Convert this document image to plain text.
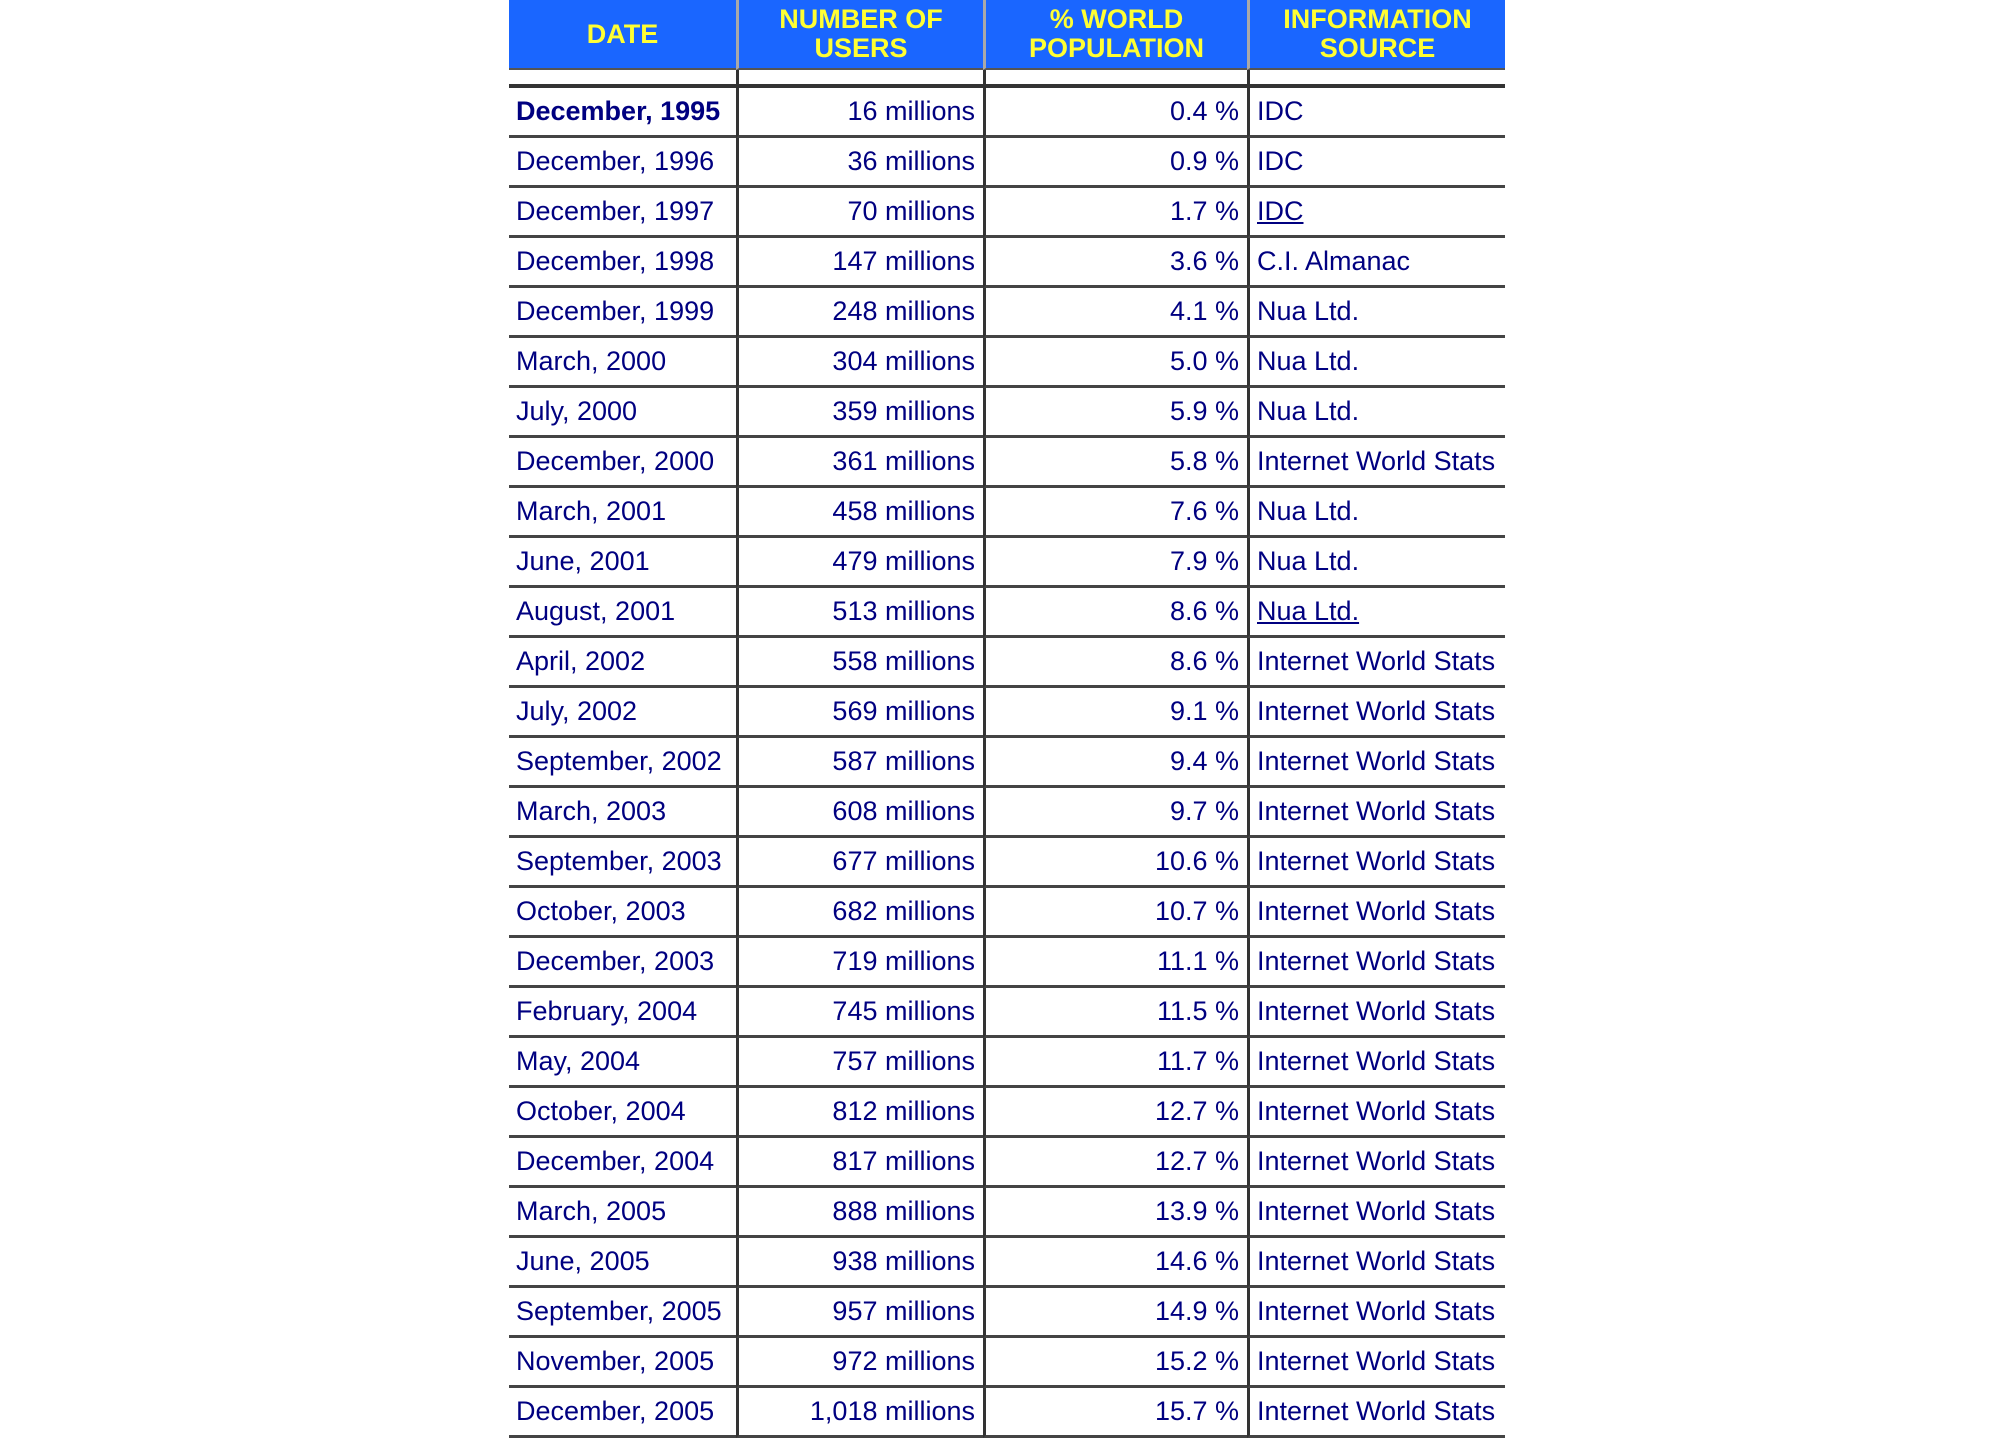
DATE	NUMBER OF USERS	% WORLD POPULATION	INFORMATION SOURCE

December, 1995	16 millions	0.4 %	IDC
December, 1996	36 millions	0.9 %	IDC
December, 1997	70 millions	1.7 %	IDC
December, 1998	147 millions	3.6 %	C.I. Almanac
December, 1999	248 millions	4.1 %	Nua Ltd.
March, 2000	304 millions	5.0 %	Nua Ltd.
July, 2000	359 millions	5.9 %	Nua Ltd.
December, 2000	361 millions	5.8 %	Internet World Stats
March, 2001	458 millions	7.6 %	Nua Ltd.
June, 2001	479 millions	7.9 %	Nua Ltd.
August, 2001	513 millions	8.6 %	Nua Ltd.
April, 2002	558 millions	8.6 %	Internet World Stats
July, 2002	569 millions	9.1 %	Internet World Stats
September, 2002	587 millions	9.4 %	Internet World Stats
March, 2003	608 millions	9.7 %	Internet World Stats
September, 2003	677 millions	10.6 %	Internet World Stats
October, 2003	682 millions	10.7 %	Internet World Stats
December, 2003	719 millions	11.1 %	Internet World Stats
February, 2004	745 millions	11.5 %	Internet World Stats
May, 2004	757 millions	11.7 %	Internet World Stats
October, 2004	812 millions	12.7 %	Internet World Stats
December, 2004	817 millions	12.7 %	Internet World Stats
March, 2005	888 millions	13.9 %	Internet World Stats
June, 2005	938 millions	14.6 %	Internet World Stats
September, 2005	957 millions	14.9 %	Internet World Stats
November, 2005	972 millions	15.2 %	Internet World Stats
December, 2005	1,018 millions	15.7 %	Internet World Stats
